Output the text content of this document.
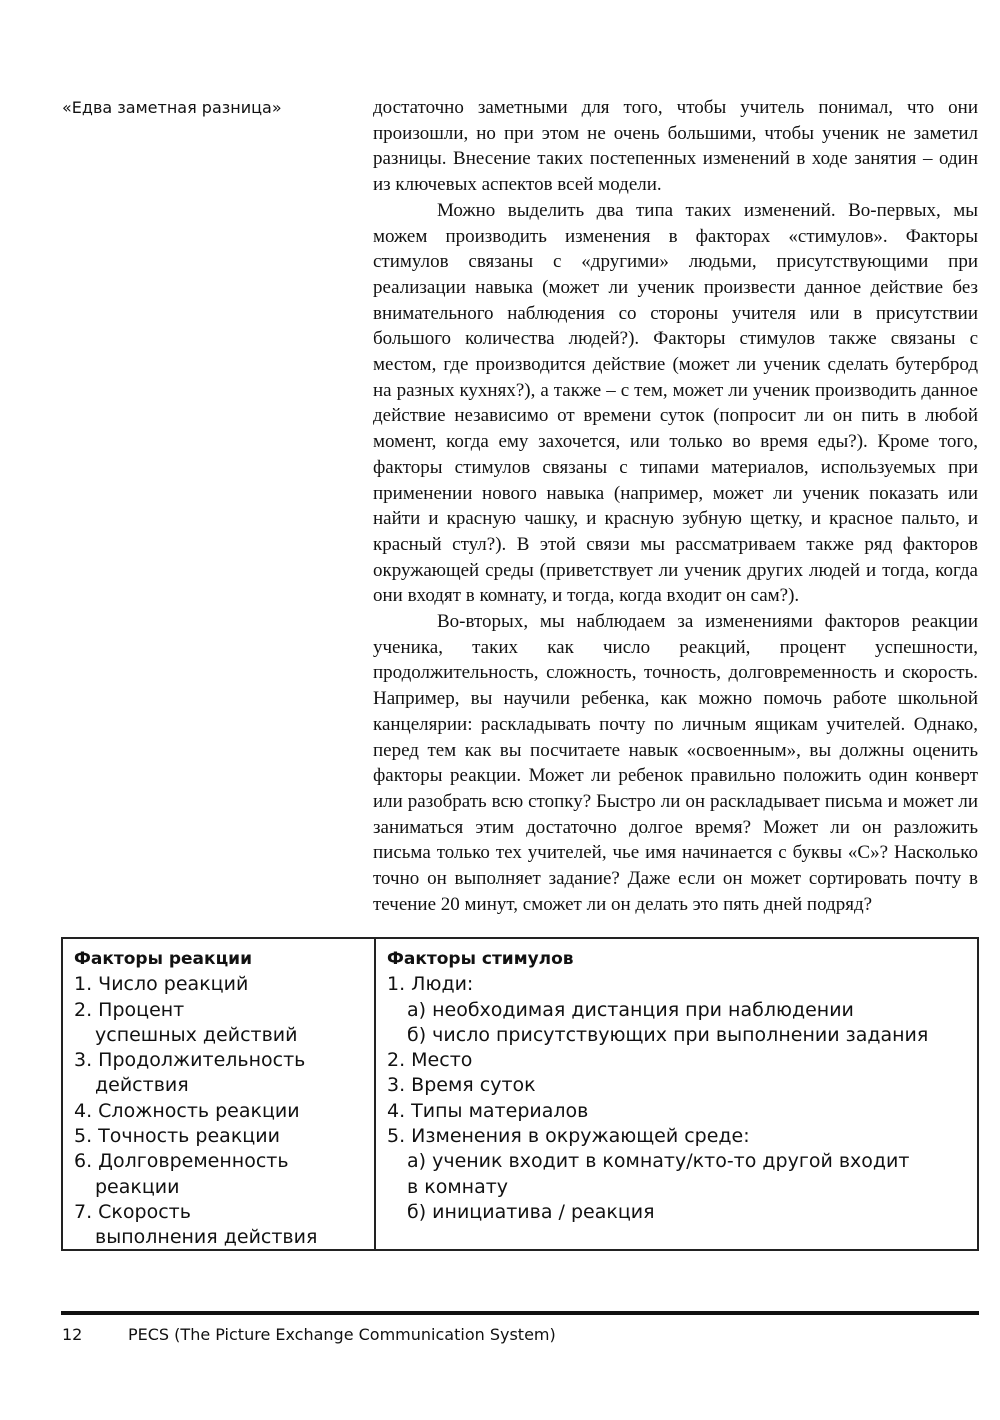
«Едва заметная разница»	достаточно заметными для того, чтобы учитель понимал, что они произошли, но при этом не очень большими, чтобы ученик не заметил разницы. Внесение таких постепенных изменений в ходе занятия – один из ключевых аспектов всей модели.

Можно выделить два типа таких изменений. Во-первых, мы можем производить изменения в факторах «стимулов». Факторы стимулов связаны с «другими» людьми, присутствующими при реализации навыка (может ли ученик произвести данное действие без внимательного наблюдения со стороны учителя или в присутствии большого количества людей?). Факторы стимулов также связаны с местом, где производится действие (может ли ученик сделать бутерброд на разных кухнях?), а также – с тем, может ли ученик производить данное действие независимо от времени суток (попросит ли он пить в любой момент, когда ему захочется, или только во время еды?). Кроме того, факторы стимулов связаны с типами материалов, используемых при применении нового навыка (например, может ли ученик показать или найти и красную чашку, и красную зубную щетку, и красное пальто, и красный стул?). В этой связи мы рассматриваем также ряд факторов окружающей среды (приветствует ли ученик других людей и тогда, когда они входят в комнату, и тогда, когда входит он сам?).

Во-вторых, мы наблюдаем за изменениями факторов реакции ученика, таких как число реакций, процент успешности, продолжительность, сложность, точность, долговременность и скорость. Например, вы научили ребенка, как можно помочь работе школьной канцелярии: раскладывать почту по личным ящикам учителей. Однако, перед тем как вы посчитаете навык «освоенным», вы должны оценить факторы реакции. Может ли ребенок правильно положить один конверт или разобрать всю стопку? Быстро ли он раскладывает письма и может ли заниматься этим достаточно долгое время? Может ли он разложить письма только тех учителей, чье имя начинается с буквы «С»? Насколько точно он выполняет задание? Даже если он может сортировать почту в течение 20 минут, сможет ли он делать это пять дней подряд?

Факторы реакции
1. Число реакций
2. Процент
успешных действий
3. Продолжительность
действия
4. Сложность реакции
5. Точность реакции
6. Долговременность
реакции
7. Скорость
выполнения действия
Факторы стимулов
1. Люди:
а) необходимая дистанция при наблюдении
б) число присутствующих при выполнении задания
2. Место
3. Время суток
4. Типы материалов
5. Изменения в окружающей среде:
а) ученик входит в комнату/кто-то другой входит
в комнату
б) инициатива / реакция
12	PECS (The Picture Exchange Communication System)
